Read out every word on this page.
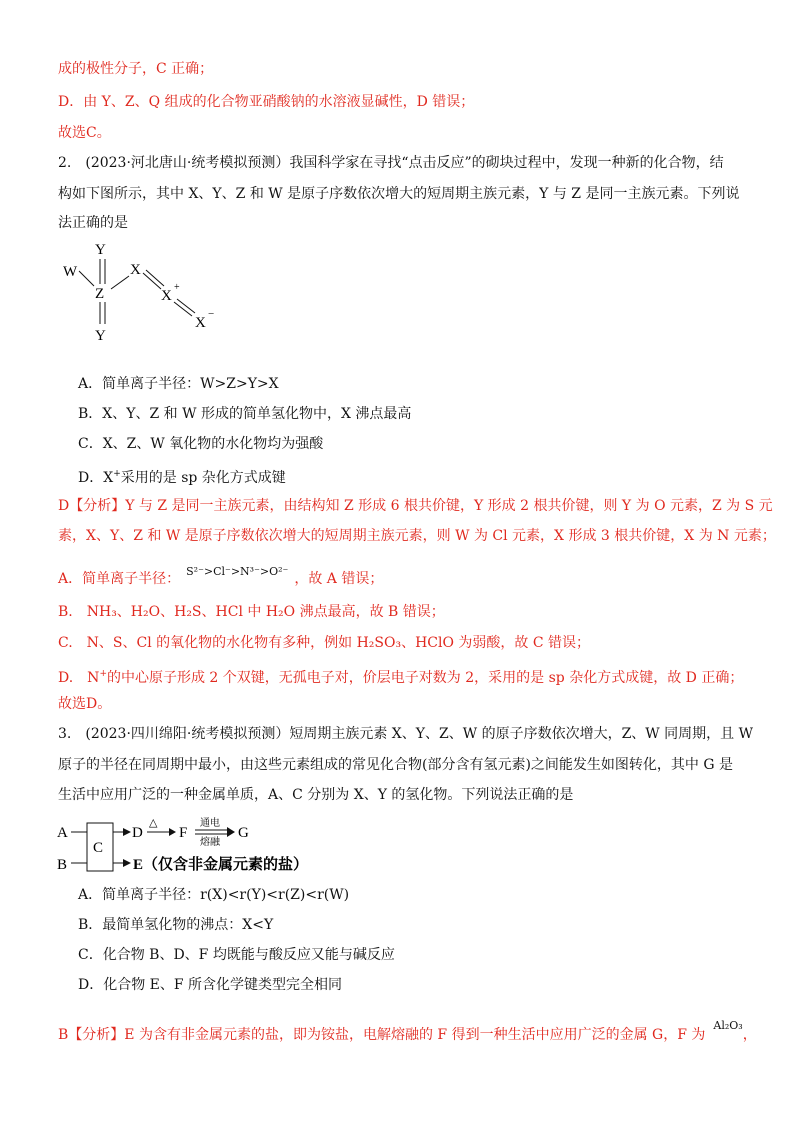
成的极性分子，C 正确；
D．由 Y、Z、Q 组成的化合物亚硝酸钠的水溶液显碱性，D 错误；
故选C。
2.　(2023·河北唐山·统考模拟预测）我国科学家在寻找“点击反应”的砌块过程中，发现一种新的化合物，结
构如下图所示，其中 X、Y、Z 和 W 是原子序数依次增大的短周期主族元素，Y 与 Z 是同一主族元素。下列说
法正确的是
Y
W
Z
Y
X
X
+
X
−
A．简单离子半径：W>Z>Y>X
B．X、Y、Z 和 W 形成的简单氢化物中，X 沸点最高
C．X、Z、W 氧化物的水化物均为强酸
D．X+采用的是 sp 杂化方式成键
D【分析】Y 与 Z 是同一主族元素，由结构知 Z 形成 6 根共价键，Y 形成 2 根共价键，则 Y 为 O 元素，Z 为 S 元
素，X、Y、Z 和 W 是原子序数依次增大的短周期主族元素，则 W 为 Cl 元素，X 形成 3 根共价键，X 为 N 元素；
A．简单离子半径： $^{S^{2-}>Cl^->N^{3-}>O^{2-}}$ ，故 A 错误；
B.　NH₃、H₂O、H₂S、HCl 中 H₂O 沸点最高，故 B 错误；
C.　N、S、Cl 的氧化物的水化物有多种，例如 H₂SO₃、HClO 为弱酸，故 C 错误；
D.　N+的中心原子形成 2 个双键，无孤电子对，价层电子对数为 2，采用的是 sp 杂化方式成键，故 D 正确；
故选D。
3.　(2023·四川绵阳·统考模拟预测）短周期主族元素 X、Y、Z、W 的原子序数依次增大，Z、W 同周期，且 W
原子的半径在同周期中最小，由这些元素组成的常见化合物(部分含有氢元素)之间能发生如图转化，其中 G 是
生活中应用广泛的一种金属单质，A、C 分别为 X、Y 的氢化物。下列说法正确的是
A
B
C
D
△
F
通电
熔融
G
E（仅含非金属元素的盐）
A．简单离子半径：r(X)<r(Y)<r(Z)<r(W)
B．最简单氢化物的沸点：X<Y
C．化合物 B、D、F 均既能与酸反应又能与碱反应
D．化合物 E、F 所含化学键类型完全相同
B【分析】E 为含有非金属元素的盐，即为铵盐，电解熔融的 F 得到一种生活中应用广泛的金属 G，F 为$^{Al_2O_3}$，
